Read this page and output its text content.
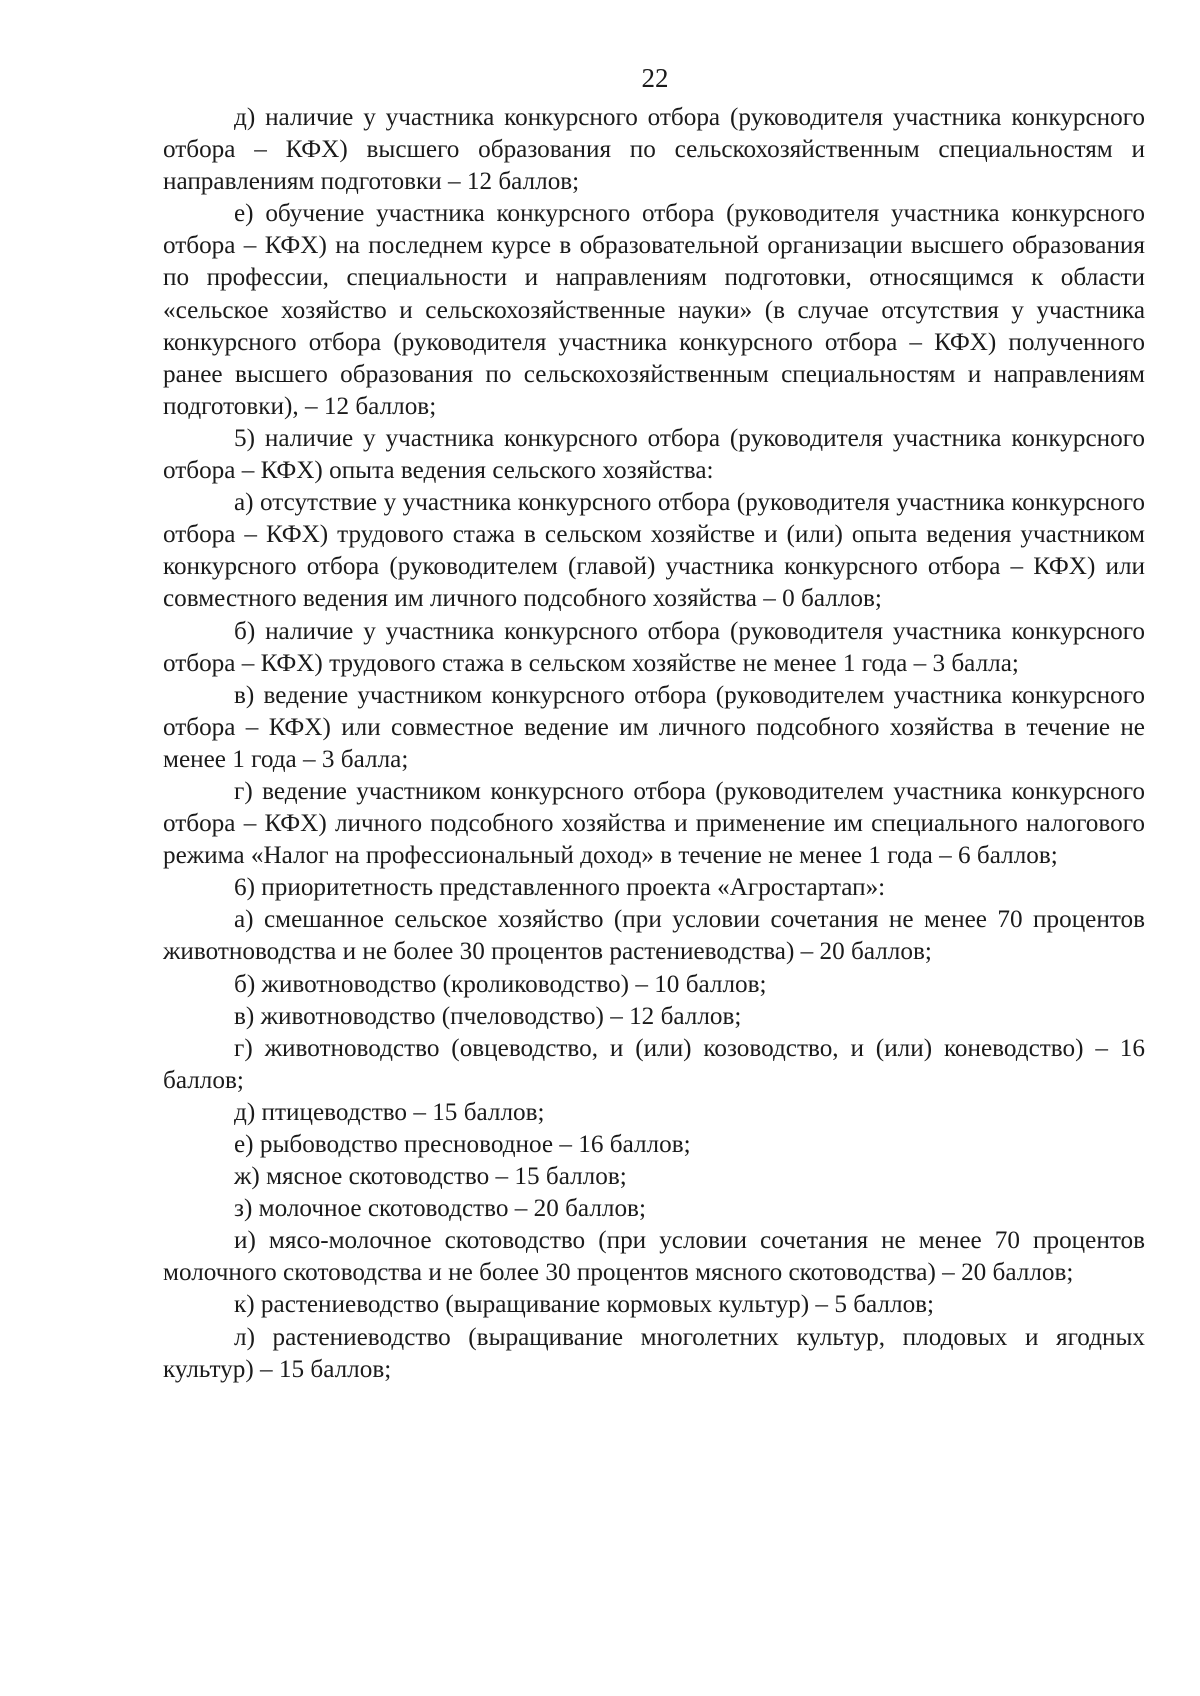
22

д) наличие у участника конкурсного отбора (руководителя участника конкурсного отбора – КФХ) высшего образования по сельскохозяйственным специальностям и направлениям подготовки – 12 баллов;

е) обучение участника конкурсного отбора (руководителя участника конкурсного отбора – КФХ) на последнем курсе в образовательной организации высшего образования по профессии, специальности и направлениям подготовки, относящимся к области «сельское хозяйство и сельскохозяйственные науки» (в случае отсутствия у участника конкурсного отбора (руководителя участника конкурсного отбора – КФХ) полученного ранее высшего образования по сельскохозяйственным специальностям и направлениям подготовки), – 12 баллов;

5) наличие у участника конкурсного отбора (руководителя участника конкурсного отбора – КФХ) опыта ведения сельского хозяйства:

а) отсутствие у участника конкурсного отбора (руководителя участника конкурсного отбора – КФХ) трудового стажа в сельском хозяйстве и (или) опыта ведения участником конкурсного отбора (руководителем (главой) участника конкурсного отбора – КФХ) или совместного ведения им личного подсобного хозяйства – 0 баллов;

б) наличие у участника конкурсного отбора (руководителя участника конкурсного отбора – КФХ) трудового стажа в сельском хозяйстве не менее 1 года – 3 балла;

в) ведение участником конкурсного отбора (руководителем участника конкурсного отбора – КФХ) или совместное ведение им личного подсобного хозяйства в течение не менее 1 года – 3 балла;

г) ведение участником конкурсного отбора (руководителем участника конкурсного отбора – КФХ) личного подсобного хозяйства и применение им специального налогового режима «Налог на профессиональный доход» в течение не менее 1 года – 6 баллов;

6) приоритетность представленного проекта «Агростартап»:

а) смешанное сельское хозяйство (при условии сочетания не менее 70 процентов животноводства и не более 30 процентов растениеводства) – 20 баллов;

б) животноводство (кролиководство) – 10 баллов;

в) животноводство (пчеловодство) – 12 баллов;

г) животноводство (овцеводство, и (или) козоводство, и (или) коневодство) – 16 баллов;

д) птицеводство – 15 баллов;

е) рыбоводство пресноводное – 16 баллов;

ж) мясное скотоводство – 15 баллов;

з) молочное скотоводство – 20 баллов;

и) мясо-молочное скотоводство (при условии сочетания не менее 70 процентов молочного скотоводства и не более 30 процентов мясного скотоводства) – 20 баллов;

к) растениеводство (выращивание кормовых культур) – 5 баллов;

л) растениеводство (выращивание многолетних культур, плодовых и ягодных культур) – 15 баллов;
